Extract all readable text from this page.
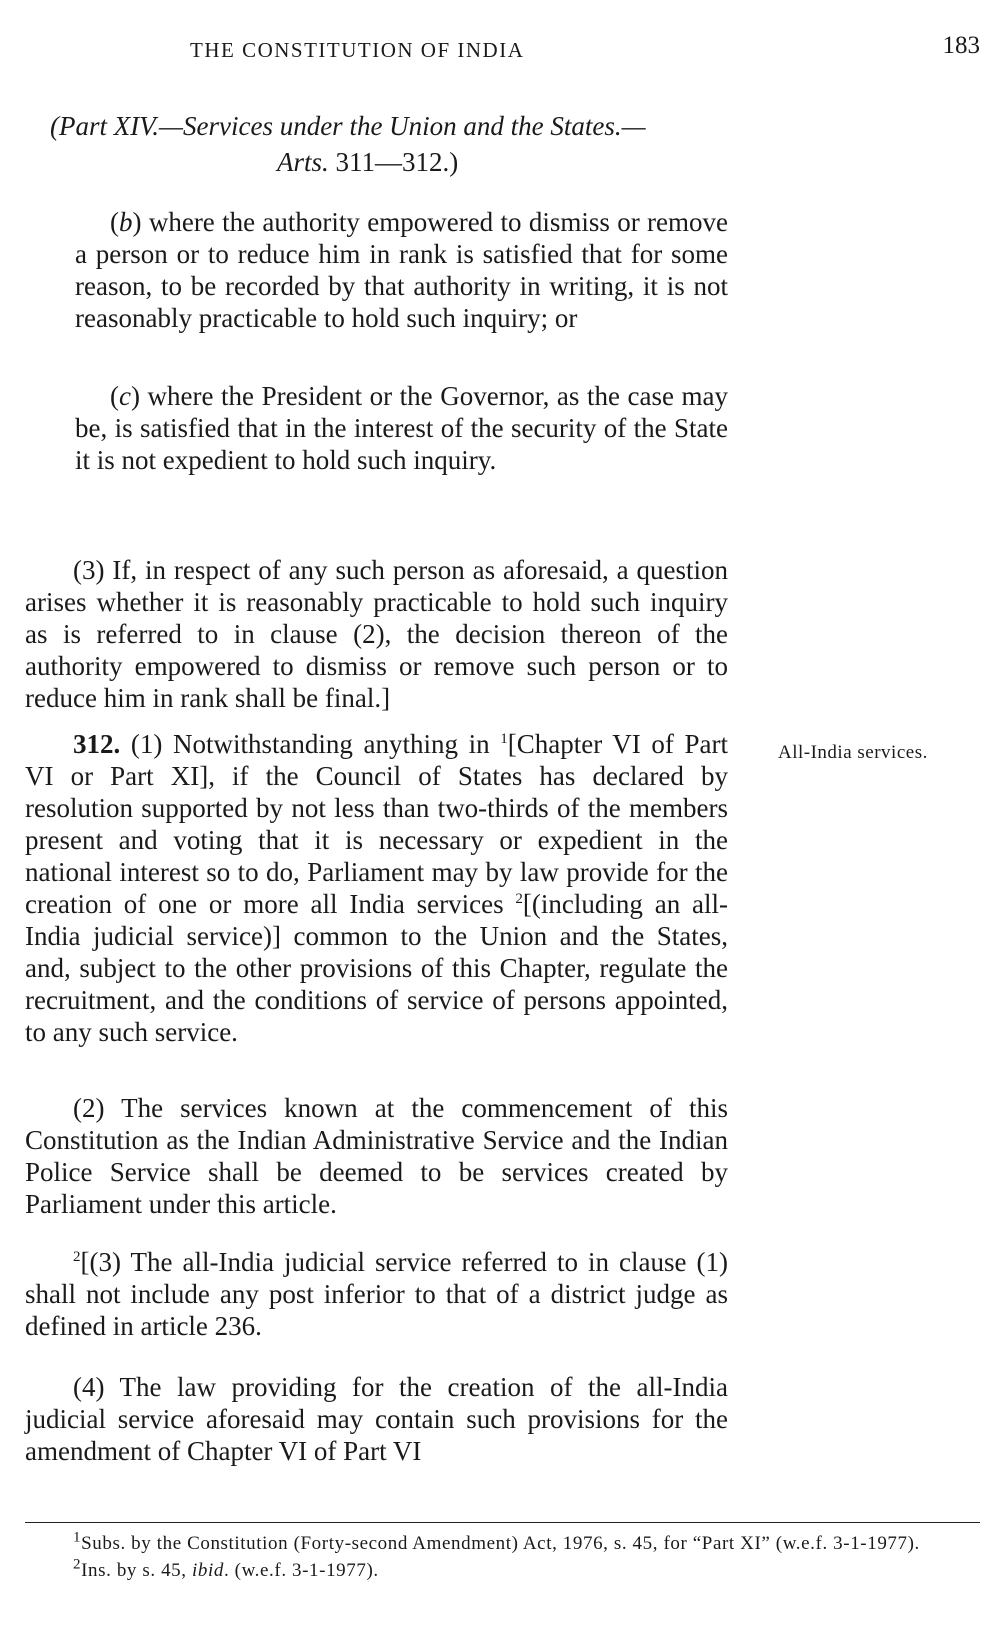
THE CONSTITUTION OF INDIA	183
(Part XIV.—Services under the Union and the States.—
Arts. 311—312.)

(b) where the authority empowered to dismiss or remove a person or to reduce him in rank is satisfied that for some reason, to be recorded by that authority in writing, it is not reasonably practicable to hold such inquiry; or

(c) where the President or the Governor, as the case may be, is satisfied that in the interest of the security of the State it is not expedient to hold such inquiry.

(3) If, in respect of any such person as aforesaid, a question arises whether it is reasonably practicable to hold such inquiry as is referred to in clause (2), the decision thereon of the authority empowered to dismiss or remove such person or to reduce him in rank shall be final.]

312. (1) Notwithstanding anything in $^1$[Chapter VI of Part VI or Part XI], if the Council of States has declared by resolution supported by not less than two-thirds of the members present and voting that it is necessary or expedient in the national interest so to do, Parliament may by law provide for the creation of one or more all India services $^2$[(including an all-India judicial service)] common to the Union and the States, and, subject to the other provisions of this Chapter, regulate the recruitment, and the conditions of service of persons appointed, to any such service.

All-India services.

(2) The services known at the commencement of this Constitution as the Indian Administrative Service and the Indian Police Service shall be deemed to be services created by Parliament under this article.

$^2$[(3) The all-India judicial service referred to in clause (1) shall not include any post inferior to that of a district judge as defined in article 236.

(4) The law providing for the creation of the all-India judicial service aforesaid may contain such provisions for the amendment of Chapter VI of Part VI

$^1$Subs. by the Constitution (Forty-second Amendment) Act, 1976, s. 45, for “Part XI” (w.e.f. 3-1-1977).

$^2$Ins. by s. 45, ibid. (w.e.f. 3-1-1977).
